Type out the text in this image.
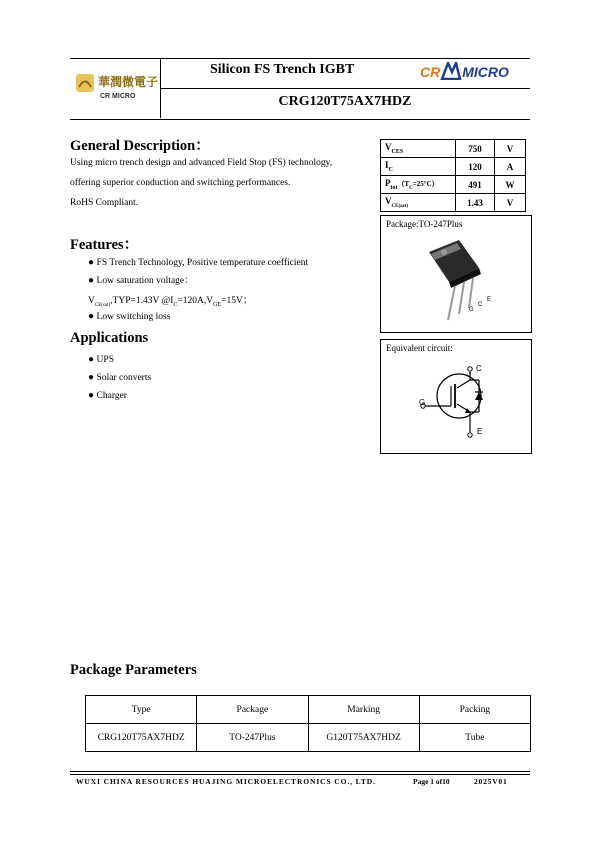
華潤微電子
CR MICRO
Silicon FS Trench IGBT	CR MICRO
CRG120T75AX7HDZ
General Description：
Using micro trench design and advanced Field Stop (FS) technology,
offering superior conduction and switching performances.
RoHS Compliant.
$V_{CES}$	750	V
$I_C$	120	A
$P_{tot}(T_C=25^\circ C)$	491	W
$V_{CE(sat)}$	1.43	V
Package:TO-247Plus
G
C
E
Equivalent circuit:
C
G
E
Features：
● FS Trench Technology, Positive temperature coefficient
● Low saturation voltage：
$V_{CE(sat)},TYP=1.43V$ $@I_C=120A,V_{GE}=15V$；
● Low switching loss
Applications
● UPS
● Solar converts
● Charger
Package Parameters
Type	Package	Marking	Packing
CRG120T75AX7HDZ	TO-247Plus	G120T75AX7HDZ	Tube
WUXI CHINA RESOURCES HUAJING MICROELECTRONICS CO., LTD.	Page 1 of10	2025V01
